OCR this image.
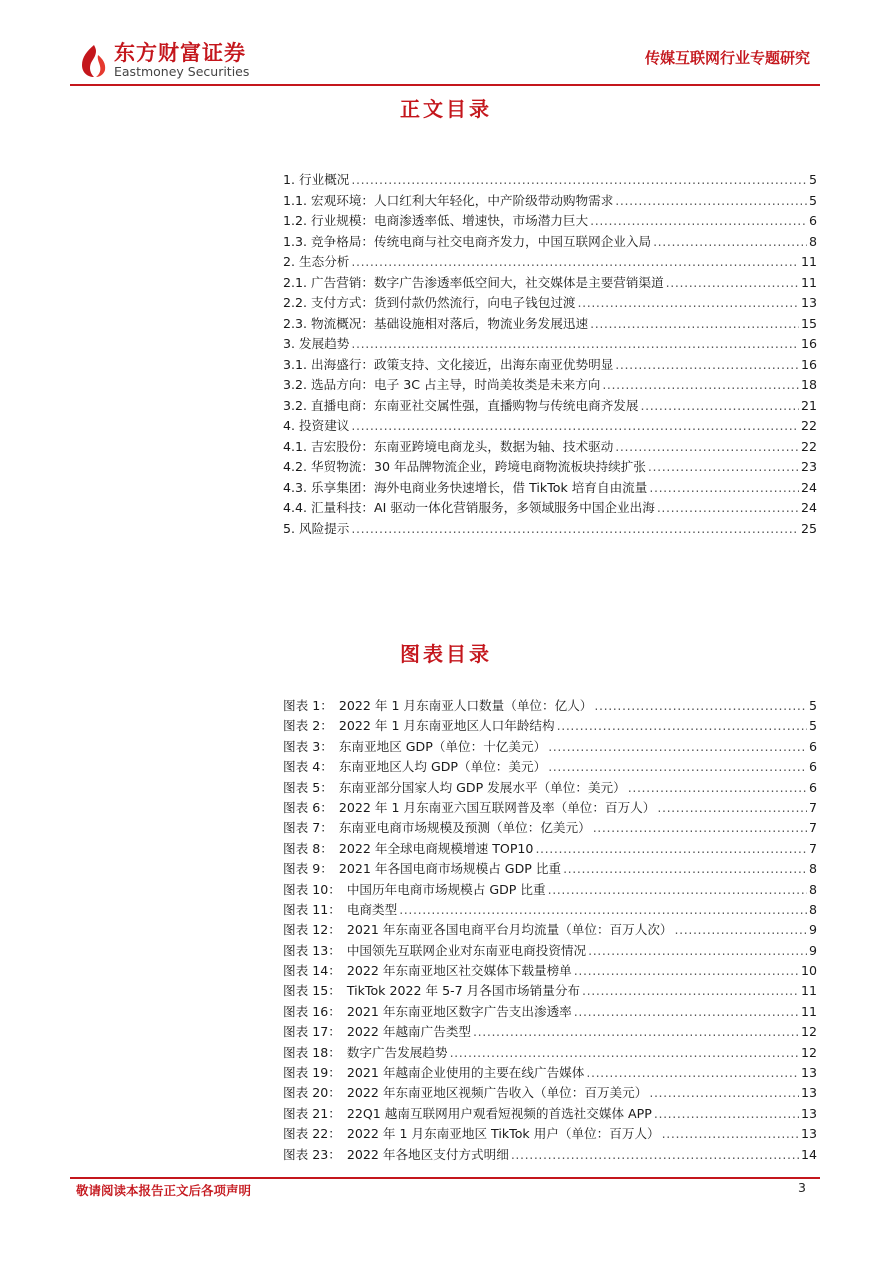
东方财富证券
Eastmoney Securities
传媒互联网行业专题研究
正文目录
1. 行业概况 .....	5
1.1. 宏观环境：人口红利大年轻化，中产阶级带动购物需求 .....	5
1.2. 行业规模：电商渗透率低、增速快，市场潜力巨大 .....	6
1.3. 竞争格局：传统电商与社交电商齐发力，中国互联网企业入局 .....	8
2. 生态分析 .....	11
2.1. 广告营销：数字广告渗透率低空间大，社交媒体是主要营销渠道 .....	11
2.2. 支付方式：货到付款仍然流行，向电子钱包过渡 .....	13
2.3. 物流概况：基础设施相对落后，物流业务发展迅速 .....	15
3. 发展趋势 .....	16
3.1. 出海盛行：政策支持、文化接近，出海东南亚优势明显 .....	16
3.2. 选品方向：电子 3C 占主导，时尚美妆类是未来方向 .....	18
3.2. 直播电商：东南亚社交属性强，直播购物与传统电商齐发展 .....	21
4. 投资建议 .....	22
4.1. 吉宏股份：东南亚跨境电商龙头，数据为轴、技术驱动 .....	22
4.2. 华贸物流：30 年品牌物流企业，跨境电商物流板块持续扩张 .....	23
4.3. 乐享集团：海外电商业务快速增长，借 TikTok 培育自由流量 .....	24
4.4. 汇量科技：AI 驱动一体化营销服务，多领域服务中国企业出海 .....	24
5. 风险提示 .....	25
图表目录
图表 1： 2022 年 1 月东南亚人口数量（单位：亿人） .....	5
图表 2： 2022 年 1 月东南亚地区人口年龄结构 .....	5
图表 3： 东南亚地区 GDP（单位：十亿美元） .....	6
图表 4： 东南亚地区人均 GDP（单位：美元） .....	6
图表 5： 东南亚部分国家人均 GDP 发展水平（单位：美元） .....	6
图表 6： 2022 年 1 月东南亚六国互联网普及率（单位：百万人） .....	7
图表 7： 东南亚电商市场规模及预测（单位：亿美元） .....	7
图表 8： 2022 年全球电商规模增速 TOP10 .....	7
图表 9： 2021 年各国电商市场规模占 GDP 比重 .....	8
图表 10： 中国历年电商市场规模占 GDP 比重 .....	8
图表 11： 电商类型 .....	8
图表 12： 2021 年东南亚各国电商平台月均流量（单位：百万人次） .....	9
图表 13： 中国领先互联网企业对东南亚电商投资情况 .....	9
图表 14： 2022 年东南亚地区社交媒体下载量榜单 .....	10
图表 15： TikTok 2022 年 5-7 月各国市场销量分布 .....	11
图表 16： 2021 年东南亚地区数字广告支出渗透率 .....	11
图表 17： 2022 年越南广告类型 .....	12
图表 18： 数字广告发展趋势 .....	12
图表 19： 2021 年越南企业使用的主要在线广告媒体 .....	13
图表 20： 2022 年东南亚地区视频广告收入（单位：百万美元） .....	13
图表 21： 22Q1 越南互联网用户观看短视频的首选社交媒体 APP .....	13
图表 22： 2022 年 1 月东南亚地区 TikTok 用户（单位：百万人） .....	13
图表 23： 2022 年各地区支付方式明细 .....	14
敬请阅读本报告正文后各项声明	3
